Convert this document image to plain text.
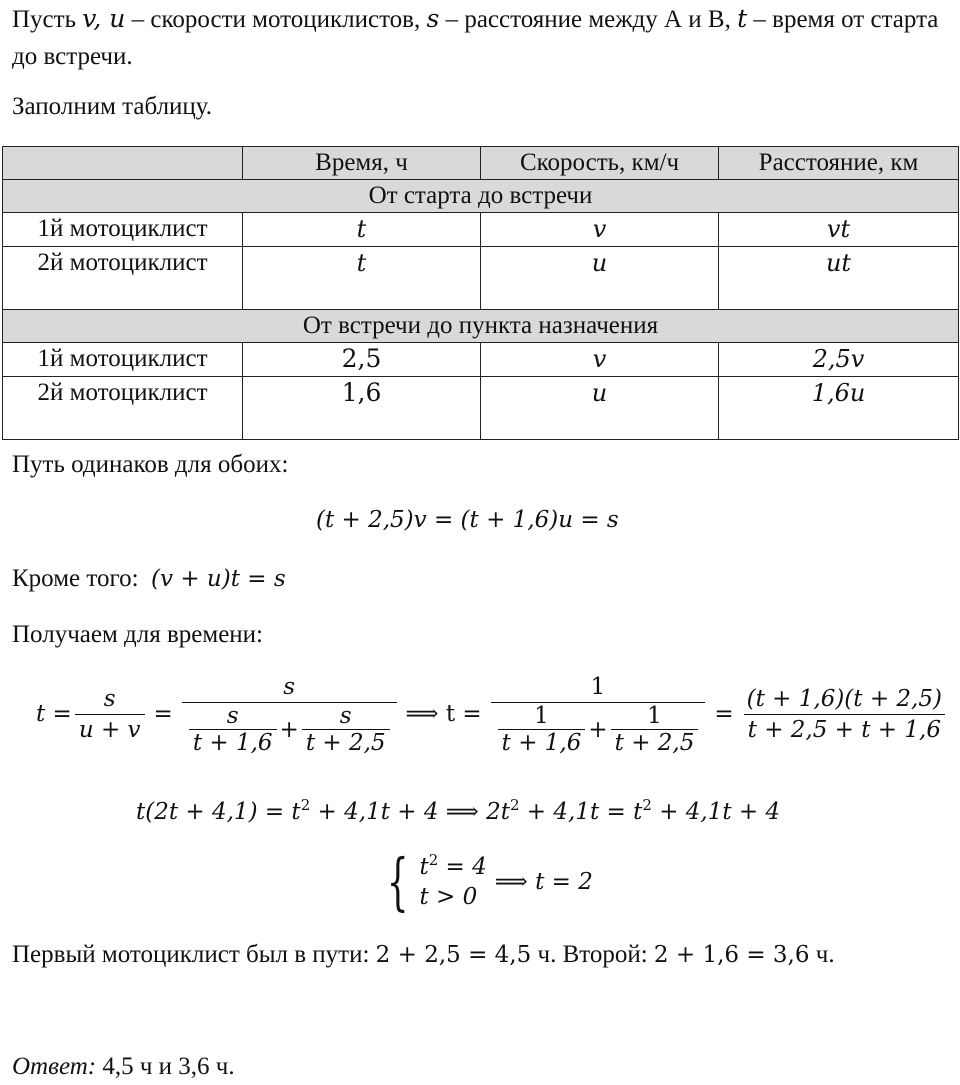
Пусть v, u – скорости мотоциклистов, s – расстояние между А и В, t – время от старта до встречи.

Заполним таблицу.

	Время, ч	Скорость, км/ч	Расстояние, км
От старта до встречи			
1й мотоциклист	t	v	vt
2й мотоциклист	t	u	ut
От встречи до пункта назначения			
1й мотоциклист	2,5	v	2,5v
2й мотоциклист	1,6	u	1,6u

Путь одинаков для обоих:

(t + 2,5)v = (t + 1,6)u = s

Кроме того: (v + u)t = s

Получаем для времени:

$t = \frac{s}{u + v}$ =
s
$\frac{s}{t + 1,6} + \frac{s}{t + 2,5}$ ⟹ t =
1
$\frac{1}{t + 1,6} + \frac{1}{t + 2,5} = \frac{(t + 1,6)(t + 2,5)}{t + 2,5 + t + 1,6}$

$t(2t + 4,1) = t^2 + 4,1t + 4$ ⟹ $2t^2 + 4,1t = t^2 + 4,1t + 4$

{ $t^2 = 4$
t > 0
⟹ t = 2

Первый мотоциклист был в пути: 2 + 2,5 = 4,5 ч. Второй: 2 + 1,6 = 3,6 ч.

Ответ: 4,5 ч и 3,6 ч.
